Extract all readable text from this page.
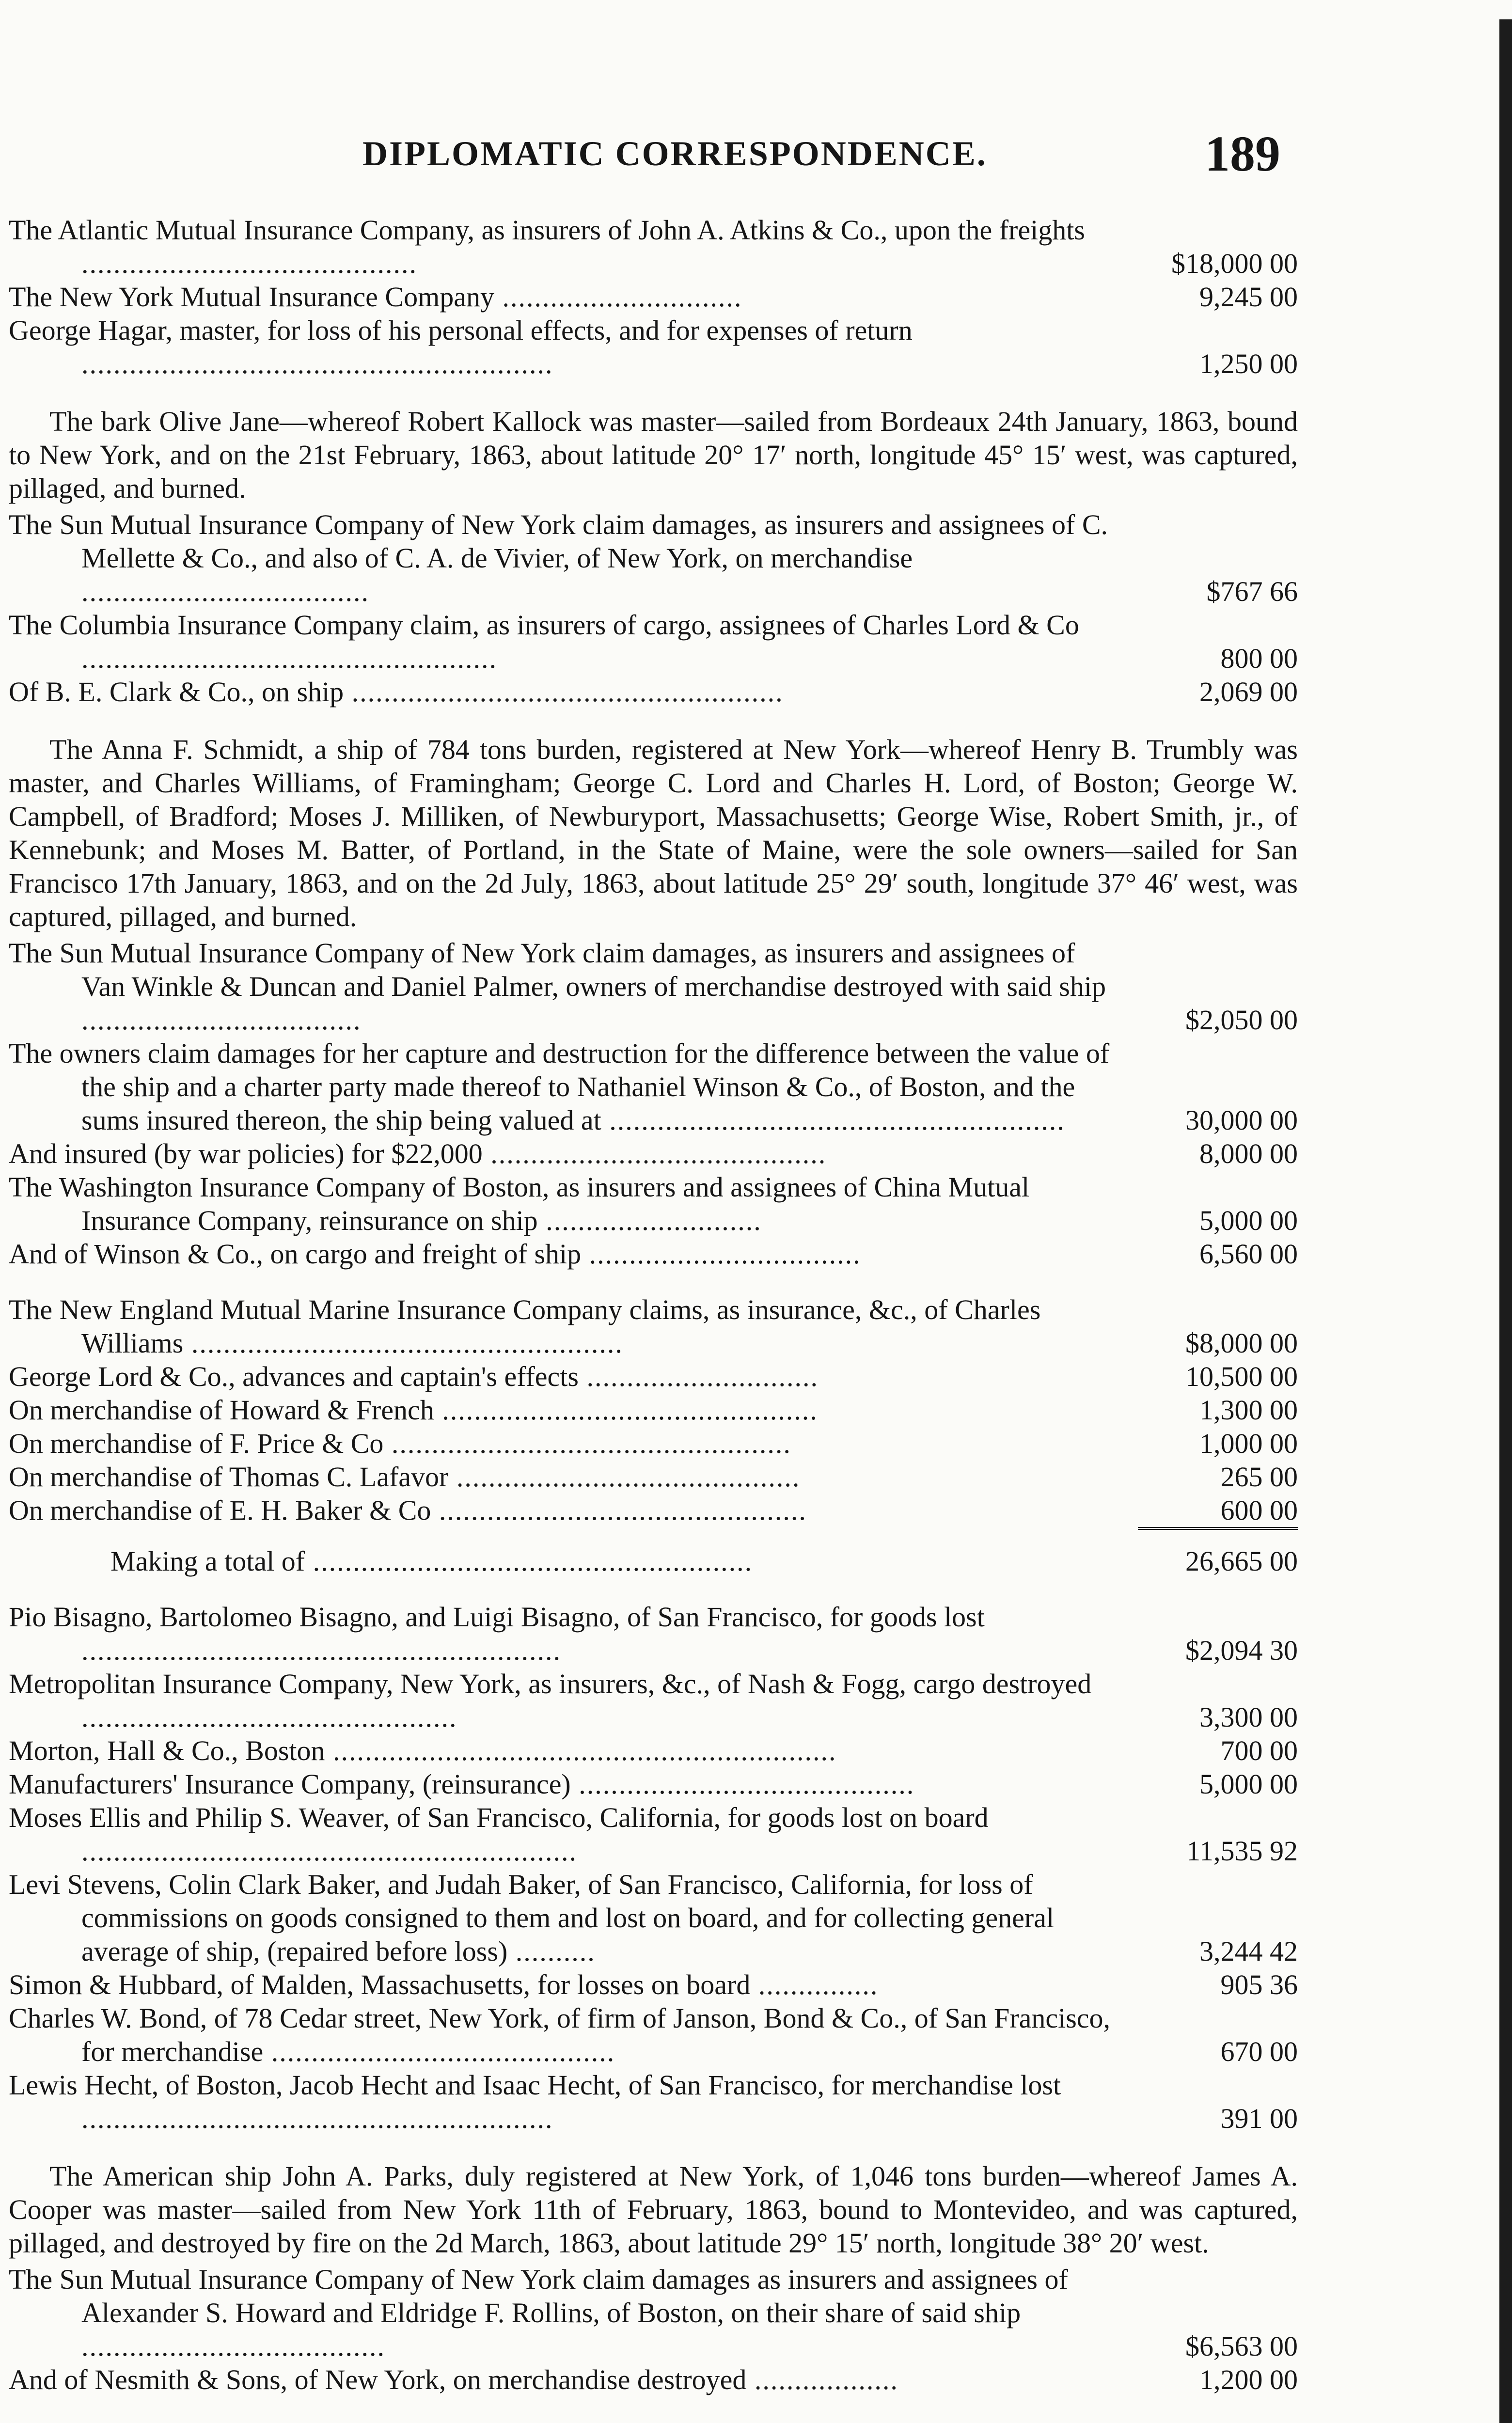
DIPLOMATIC CORRESPONDENCE.	189
The Atlantic Mutual Insurance Company, as insurers of John A. Atkins & Co., upon the freights ..........................................	$18,000 00
The New York Mutual Insurance Company ..............................	9,245 00
George Hagar, master, for loss of his personal effects, and for expenses of return ...........................................................	1,250 00

The bark Olive Jane—whereof Robert Kallock was master—sailed from Bordeaux 24th January, 1863, bound to New York, and on the 21st February, 1863, about latitude 20° 17′ north, longitude 45° 15′ west, was captured, pillaged, and burned.

The Sun Mutual Insurance Company of New York claim damages, as insurers and assignees of C. Mellette & Co., and also of C. A. de Vivier, of New York, on merchandise ....................................	$767 66
The Columbia Insurance Company claim, as insurers of cargo, assignees of Charles Lord & Co ....................................................	800 00
Of B. E. Clark & Co., on ship ......................................................	2,069 00

The Anna F. Schmidt, a ship of 784 tons burden, registered at New York—whereof Henry B. Trumbly was master, and Charles Williams, of Framingham; George C. Lord and Charles H. Lord, of Boston; George W. Campbell, of Bradford; Moses J. Milliken, of Newburyport, Massachusetts; George Wise, Robert Smith, jr., of Kennebunk; and Moses M. Batter, of Portland, in the State of Maine, were the sole owners—sailed for San Francisco 17th January, 1863, and on the 2d July, 1863, about latitude 25° 29′ south, longitude 37° 46′ west, was captured, pillaged, and burned.

The Sun Mutual Insurance Company of New York claim damages, as insurers and assignees of Van Winkle & Duncan and Daniel Palmer, owners of merchandise destroyed with said ship ...................................	$2,050 00
The owners claim damages for her capture and destruction for the difference between the value of the ship and a charter party made thereof to Nathaniel Winson & Co., of Boston, and the sums insured thereon, the ship being valued at .........................................................	30,000 00
And insured (by war policies) for $22,000 ..........................................	8,000 00
The Washington Insurance Company of Boston, as insurers and assignees of China Mutual Insurance Company, reinsurance on ship ...........................	5,000 00
And of Winson & Co., on cargo and freight of ship ..................................	6,560 00
The New England Mutual Marine Insurance Company claims, as insurance, &c., of Charles Williams ......................................................	$8,000 00
George Lord & Co., advances and captain's effects .............................	10,500 00
On merchandise of Howard & French ...............................................	1,300 00
On merchandise of F. Price & Co ..................................................	1,000 00
On merchandise of Thomas C. Lafavor ...........................................	265 00
On merchandise of E. H. Baker & Co ..............................................	600 00
Making a total of .......................................................	26,665 00
Pio Bisagno, Bartolomeo Bisagno, and Luigi Bisagno, of San Francisco, for goods lost ............................................................	$2,094 30
Metropolitan Insurance Company, New York, as insurers, &c., of Nash & Fogg, cargo destroyed ...............................................	3,300 00
Morton, Hall & Co., Boston ...............................................................	700 00
Manufacturers' Insurance Company, (reinsurance) ..........................................	5,000 00
Moses Ellis and Philip S. Weaver, of San Francisco, California, for goods lost on board ..............................................................	11,535 92
Levi Stevens, Colin Clark Baker, and Judah Baker, of San Francisco, California, for loss of commissions on goods consigned to them and lost on board, and for collecting general average of ship, (repaired before loss) ..........	3,244 42
Simon & Hubbard, of Malden, Massachusetts, for losses on board ...............	905 36
Charles W. Bond, of 78 Cedar street, New York, of firm of Janson, Bond & Co., of San Francisco, for merchandise ...........................................	670 00
Lewis Hecht, of Boston, Jacob Hecht and Isaac Hecht, of San Francisco, for merchandise lost ...........................................................	391 00

The American ship John A. Parks, duly registered at New York, of 1,046 tons burden—whereof James A. Cooper was master—sailed from New York 11th of February, 1863, bound to Montevideo, and was captured, pillaged, and destroyed by fire on the 2d March, 1863, about latitude 29° 15′ north, longitude 38° 20′ west.

The Sun Mutual Insurance Company of New York claim damages as insurers and assignees of Alexander S. Howard and Eldridge F. Rollins, of Boston, on their share of said ship ......................................	$6,563 00
And of Nesmith & Sons, of New York, on merchandise destroyed ..................	1,200 00
